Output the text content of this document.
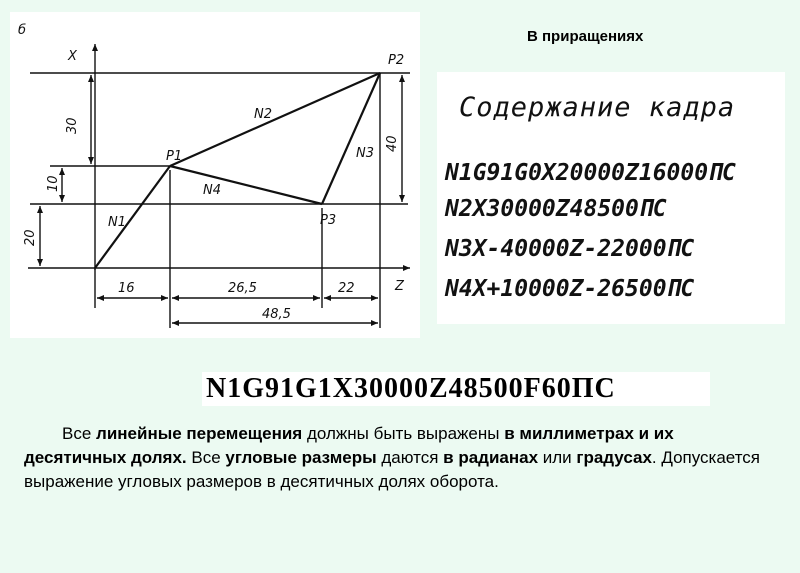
б
X
Z
P1
P2
P3
N1
N2
N3
N4
30
10
20
40
16	26,5	22
48,5
В приращениях
Содержание кадра
N1G91G0X20000Z16000ПС
N2X30000Z48500ПС
N3X-40000Z-22000ПС
N4X+10000Z-26500ПС
N1G91G1X30000Z48500F60ПС
Все линейные перемещения должны быть выражены в миллиметрах и их десятичных долях. Все угловые размеры даются в радианах или градусах. Допускается выражение угловых размеров в десятичных долях оборота.
